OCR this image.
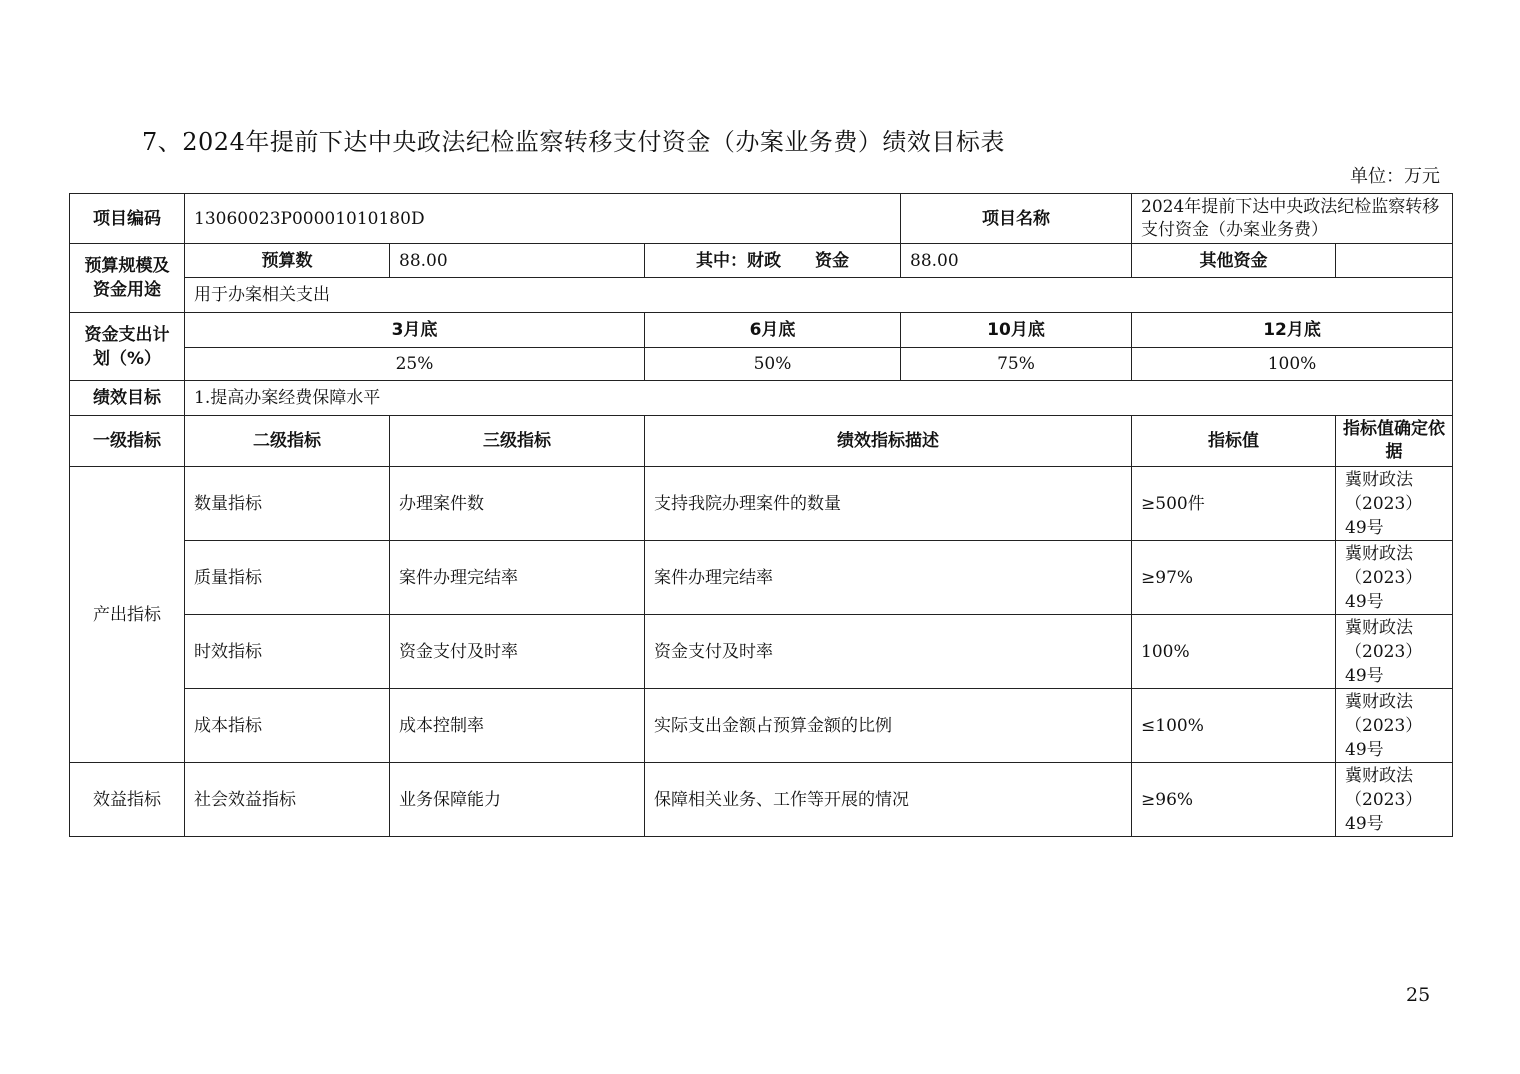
7、2024年提前下达中央政法纪检监察转移支付资金（办案业务费）绩效目标表
单位：万元
项目编码	13060023P00001010180D			项目名称	2024年提前下达中央政法纪检监察转移支付资金（办案业务费）	
预算规模及资金用途	预算数	88.00	其中：财政　　资金	88.00	其他资金	
	用于办案相关支出					
资金支出计划（%）	3月底		6月底	10月底	12月底	
	25%		50%	75%	100%	
绩效目标	1.提高办案经费保障水平					
一级指标	二级指标	三级指标	绩效指标描述		指标值	指标值确定依据
产出指标	数量指标	办理案件数	支持我院办理案件的数量		≥500件	冀财政法（2023）49号
	质量指标	案件办理完结率	案件办理完结率		≥97%	冀财政法（2023）49号
	时效指标	资金支付及时率	资金支付及时率		100%	冀财政法（2023）49号
	成本指标	成本控制率	实际支出金额占预算金额的比例		≤100%	冀财政法（2023）49号
效益指标	社会效益指标	业务保障能力	保障相关业务、工作等开展的情况		≥96%	冀财政法（2023）49号
25
